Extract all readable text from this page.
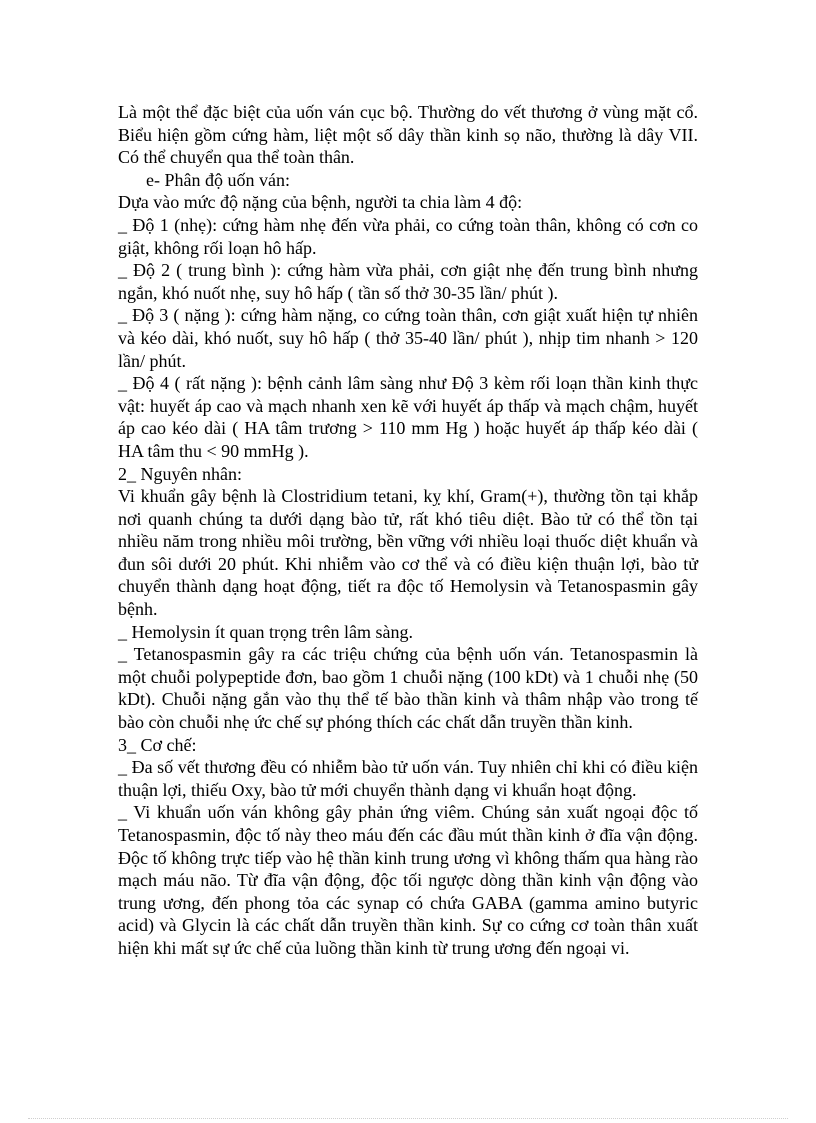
Là một thể đặc biệt của uốn ván cục bộ. Thường do vết thương ở vùng mặt cổ. Biểu hiện gồm cứng hàm, liệt một số dây thần kinh sọ não, thường là dây VII. Có thể chuyển qua thể toàn thân.

e- Phân độ uốn ván:

Dựa vào mức độ nặng của bệnh, người ta chia làm 4 độ:

_ Độ 1 (nhẹ): cứng hàm nhẹ đến vừa phải, co cứng toàn thân, không có cơn co giật, không rối loạn hô hấp.

_ Độ 2 ( trung bình ): cứng hàm vừa phải, cơn giật nhẹ đến trung bình nhưng ngắn, khó nuốt nhẹ, suy hô hấp ( tần số thở 30-35 lần/ phút ).

_ Độ 3 ( nặng ): cứng hàm nặng, co cứng toàn thân, cơn giật xuất hiện tự nhiên và kéo dài, khó nuốt, suy hô hấp ( thở 35-40 lần/ phút ), nhịp tim nhanh > 120 lần/ phút.

_ Độ 4 ( rất nặng ): bệnh cảnh lâm sàng như Độ 3 kèm rối loạn thần kinh thực vật: huyết áp cao và mạch nhanh xen kẽ với huyết áp thấp và mạch chậm, huyết áp cao kéo dài ( HA tâm trương > 110 mm Hg ) hoặc huyết áp thấp kéo dài ( HA tâm thu < 90 mmHg ).

2_ Nguyên nhân:

Vi khuẩn gây bệnh là Clostridium tetani, kỵ khí, Gram(+), thường tồn tại khắp nơi quanh chúng ta dưới dạng bào tử, rất khó tiêu diệt. Bào tử có thể tồn tại nhiều năm trong nhiều môi trường, bền vững với nhiều loại thuốc diệt khuẩn và đun sôi dưới 20 phút. Khi nhiễm vào cơ thể và có điều kiện thuận lợi, bào tử chuyển thành dạng hoạt động, tiết ra độc tố Hemolysin và Tetanospasmin gây bệnh.

_ Hemolysin ít quan trọng trên lâm sàng.

_ Tetanospasmin gây ra các triệu chứng của bệnh uốn ván. Tetanospasmin là một chuỗi polypeptide đơn, bao gồm 1 chuỗi nặng (100 kDt) và 1 chuỗi nhẹ (50 kDt). Chuỗi nặng gắn vào thụ thể tế bào thần kinh và thâm nhập vào trong tế bào còn chuỗi nhẹ ức chế sự phóng thích các chất dẫn truyền thần kinh.

3_ Cơ chế:

_ Đa số vết thương đều có nhiễm bào tử uốn ván. Tuy nhiên chỉ khi có điều kiện thuận lợi, thiếu Oxy, bào tử mới chuyển thành dạng vi khuẩn hoạt động.

_ Vi khuẩn uốn ván không gây phản ứng viêm. Chúng sản xuất ngoại độc tố Tetanospasmin, độc tố này theo máu đến các đầu mút thần kinh ở đĩa vận động. Độc tố không trực tiếp vào hệ thần kinh trung ương vì không thấm qua hàng rào mạch máu não. Từ đĩa vận động, độc tối ngược dòng thần kinh vận động vào trung ương, đến phong tỏa các synap có chứa GABA (gamma amino butyric acid) và Glycin là các chất dẫn truyền thần kinh. Sự co cứng cơ toàn thân xuất hiện khi mất sự ức chế của luồng thần kinh từ trung ương đến ngoại vi.
